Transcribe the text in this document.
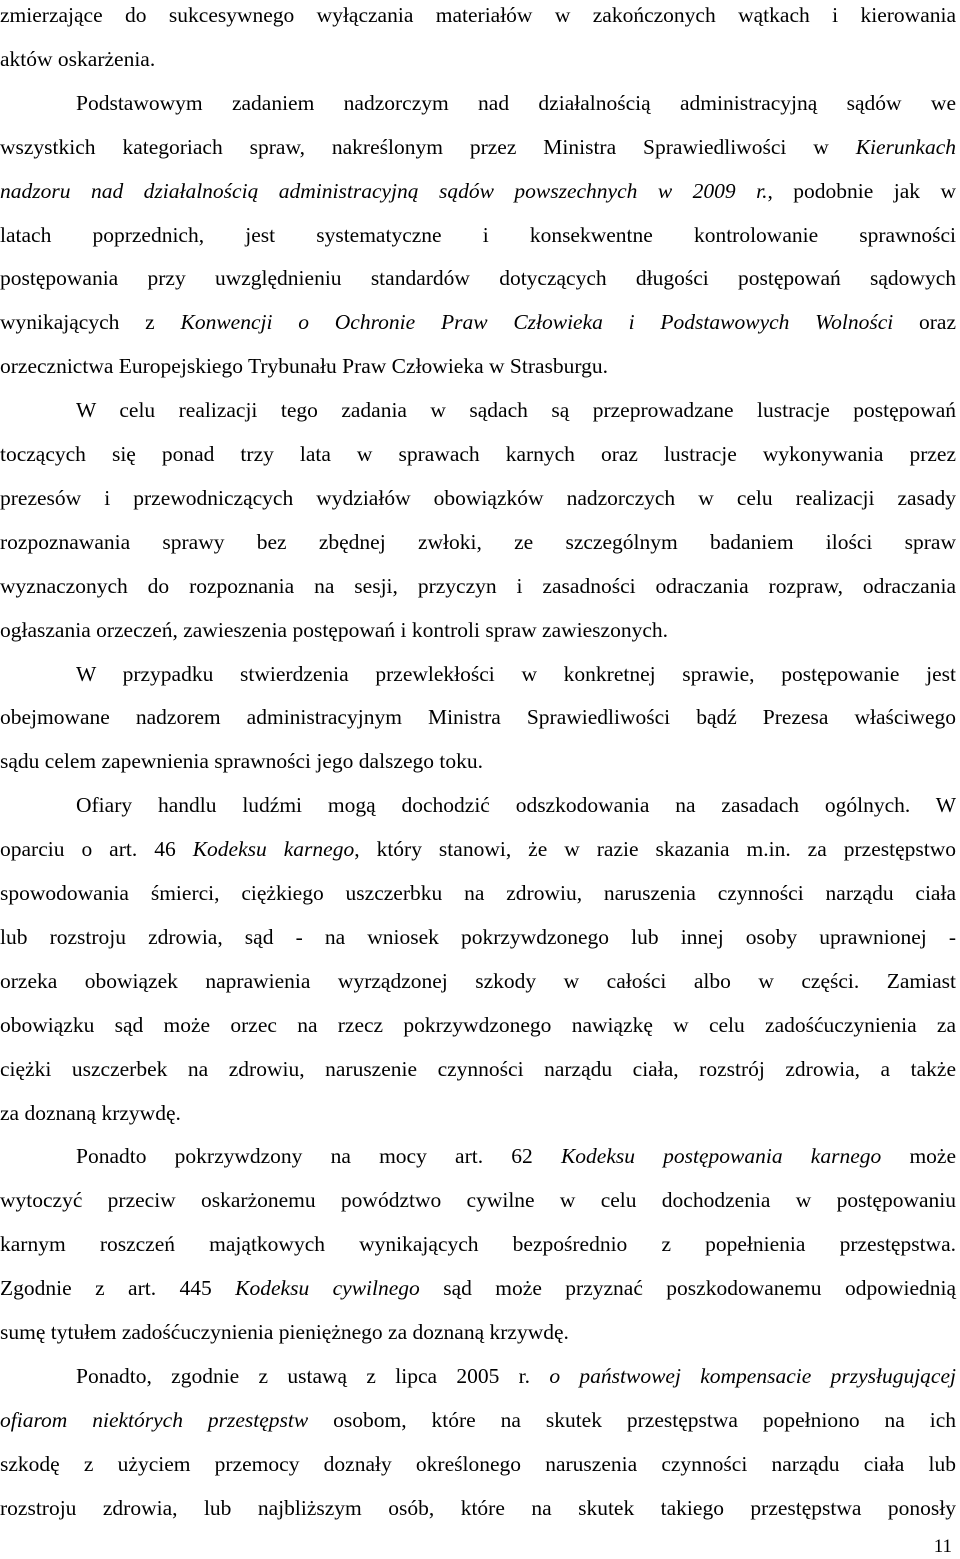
zmierzające do sukcesywnego wyłączania materiałów w zakończonych wątkach i kierowania
aktów oskarżenia.
Podstawowym zadaniem nadzorczym nad działalnością administracyjną sądów we
wszystkich kategoriach spraw, nakreślonym przez Ministra Sprawiedliwości w Kierunkach
nadzoru nad działalnością administracyjną sądów powszechnych w 2009 r., podobnie jak w
latach poprzednich, jest systematyczne i konsekwentne kontrolowanie sprawności
postępowania przy uwzględnieniu standardów dotyczących długości postępowań sądowych
wynikających z Konwencji o Ochronie Praw Człowieka i Podstawowych Wolności oraz
orzecznictwa Europejskiego Trybunału Praw Człowieka w Strasburgu.
W celu realizacji tego zadania w sądach są przeprowadzane lustracje postępowań
toczących się ponad trzy lata w sprawach karnych oraz lustracje wykonywania przez
prezesów i przewodniczących wydziałów obowiązków nadzorczych w celu realizacji zasady
rozpoznawania sprawy bez zbędnej zwłoki, ze szczególnym badaniem ilości spraw
wyznaczonych do rozpoznania na sesji, przyczyn i zasadności odraczania rozpraw, odraczania
ogłaszania orzeczeń, zawieszenia postępowań i kontroli spraw zawieszonych.
W przypadku stwierdzenia przewlekłości w konkretnej sprawie, postępowanie jest
obejmowane nadzorem administracyjnym Ministra Sprawiedliwości bądź Prezesa właściwego
sądu celem zapewnienia sprawności jego dalszego toku.
Ofiary handlu ludźmi mogą dochodzić odszkodowania na zasadach ogólnych. W
oparciu o art. 46 Kodeksu karnego, który stanowi, że w razie skazania m.in. za przestępstwo
spowodowania śmierci, ciężkiego uszczerbku na zdrowiu, naruszenia czynności narządu ciała
lub rozstroju zdrowia, sąd - na wniosek pokrzywdzonego lub innej osoby uprawnionej -
orzeka obowiązek naprawienia wyrządzonej szkody w całości albo w części. Zamiast
obowiązku sąd może orzec na rzecz pokrzywdzonego nawiązkę w celu zadośćuczynienia za
ciężki uszczerbek na zdrowiu, naruszenie czynności narządu ciała, rozstrój zdrowia, a także
za doznaną krzywdę.
Ponadto pokrzywdzony na mocy art. 62 Kodeksu postępowania karnego może
wytoczyć przeciw oskarżonemu powództwo cywilne w celu dochodzenia w postępowaniu
karnym roszczeń majątkowych wynikających bezpośrednio z popełnienia przestępstwa.
Zgodnie z art. 445 Kodeksu cywilnego sąd może przyznać poszkodowanemu odpowiednią
sumę tytułem zadośćuczynienia pieniężnego za doznaną krzywdę.
Ponadto, zgodnie z ustawą z lipca 2005 r. o państwowej kompensacie przysługującej
ofiarom niektórych przestępstw osobom, które na skutek przestępstwa popełniono na ich
szkodę z użyciem przemocy doznały określonego naruszenia czynności narządu ciała lub
rozstroju zdrowia, lub najbliższym osób, które na skutek takiego przestępstwa ponosły
11
